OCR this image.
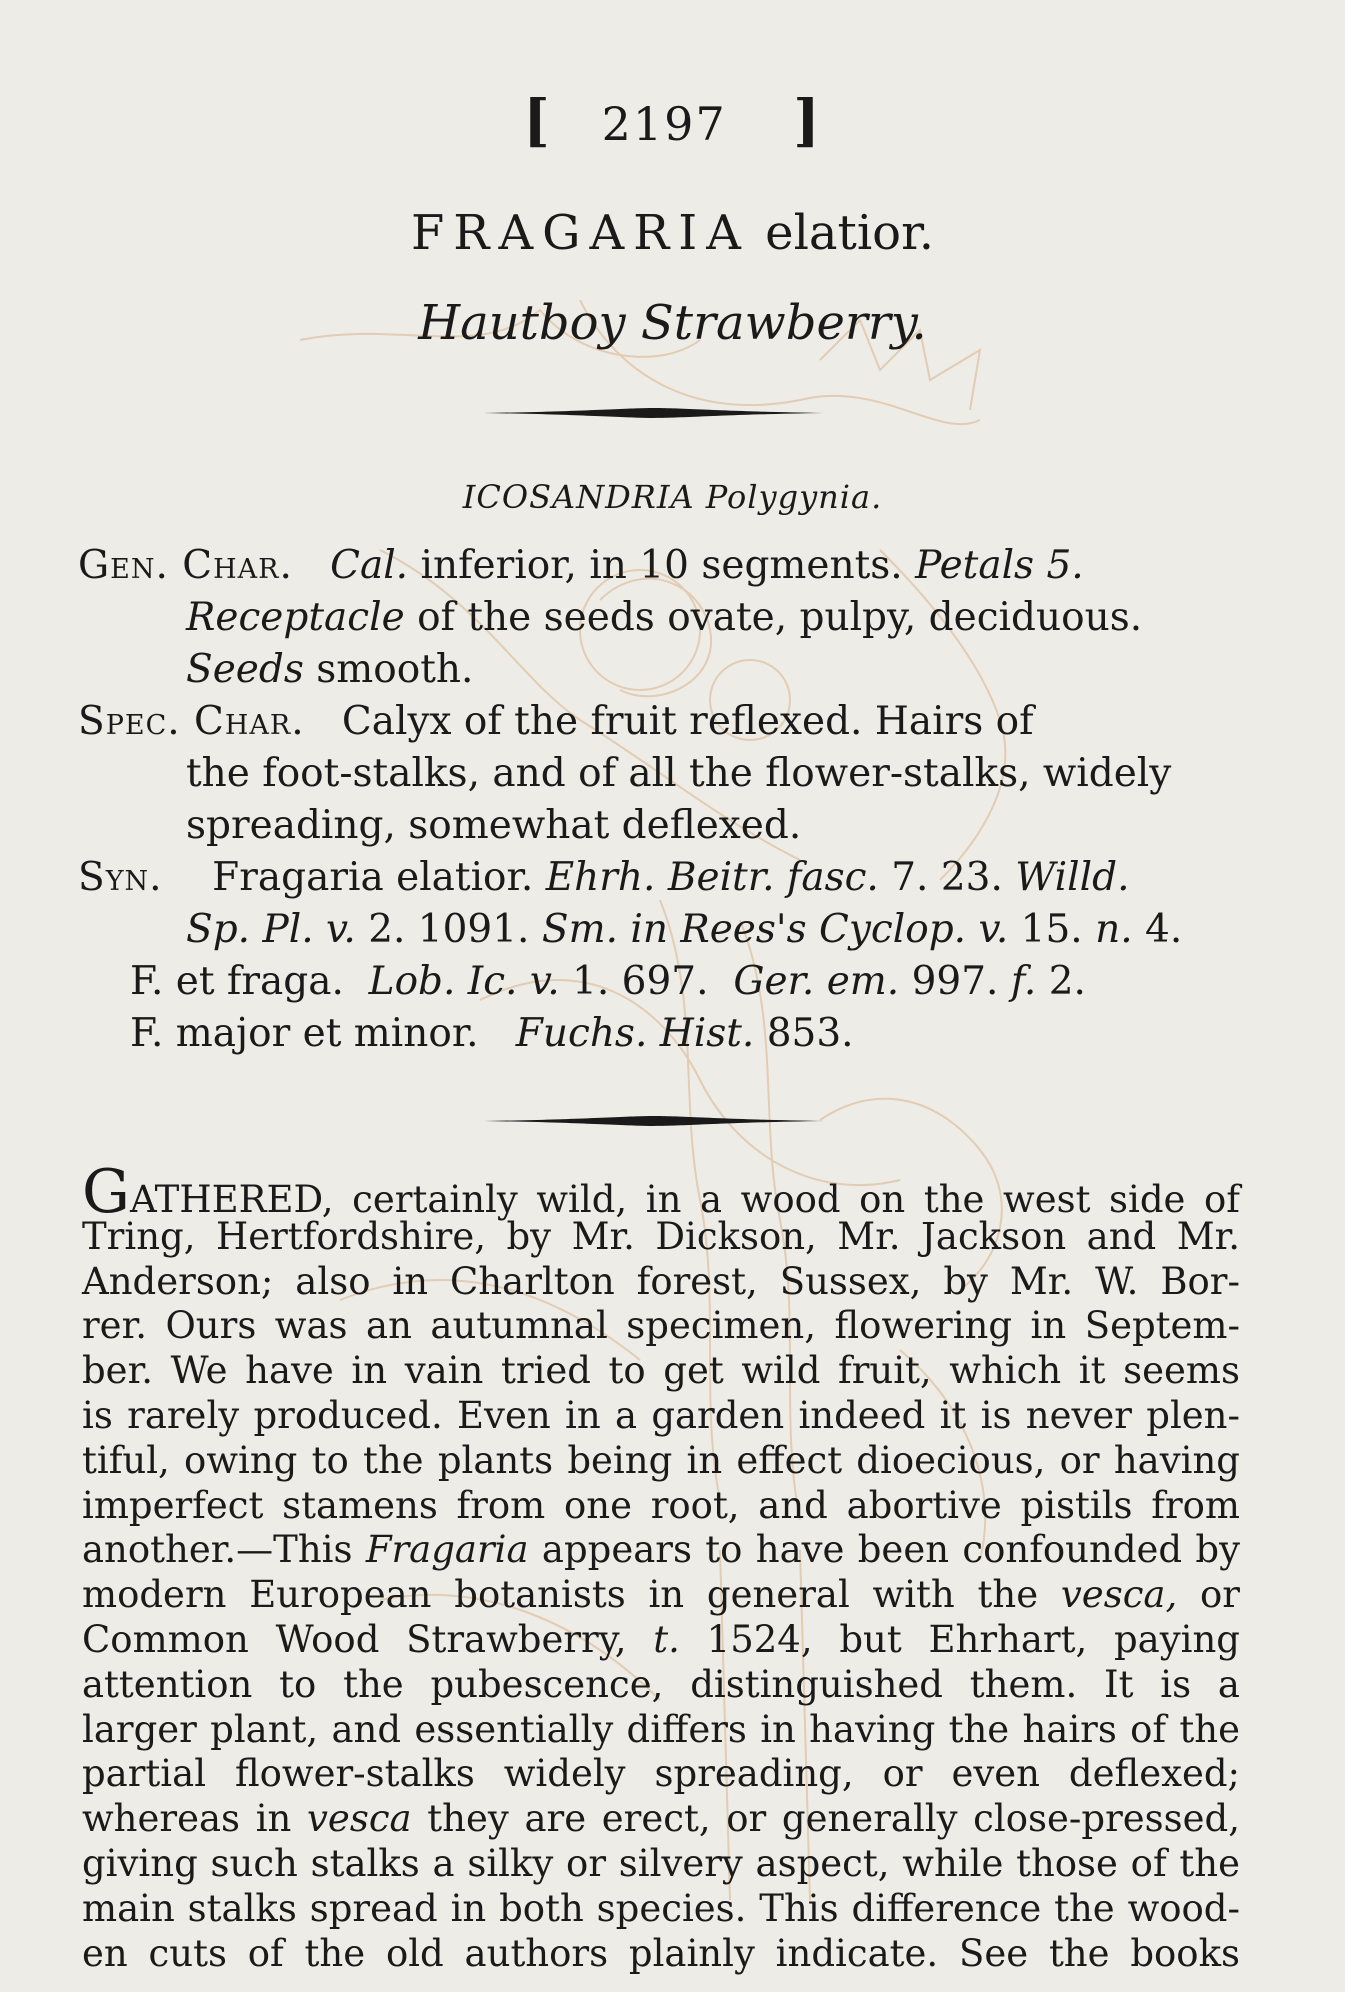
[ 2197 ]
FRAGARIA elatior.
Hautboy Strawberry.
ICOSANDRIA Polygynia.
Gen. Char. Cal. inferior, in 10 segments. Petals 5.
Receptacle of the seeds ovate, pulpy, deciduous.
Seeds smooth.
Spec. Char. Calyx of the fruit reflexed. Hairs of
the foot-stalks, and of all the flower-stalks, widely
spreading, somewhat deflexed.
Syn. Fragaria elatior. Ehrh. Beitr. fasc. 7. 23. Willd.
Sp. Pl. v. 2. 1091. Sm. in Rees's Cyclop. v. 15. n. 4.
F. et fraga. Lob. Ic. v. 1. 697. Ger. em. 997. f. 2.
F. major et minor. Fuchs. Hist. 853.
GATHERED, certainly wild, in a wood on the west side of
Tring, Hertfordshire, by Mr. Dickson, Mr. Jackson and Mr.
Anderson; also in Charlton forest, Sussex, by Mr. W. Bor-
rer. Ours was an autumnal specimen, flowering in Septem-
ber. We have in vain tried to get wild fruit, which it seems
is rarely produced. Even in a garden indeed it is never plen-
tiful, owing to the plants being in effect dioecious, or having
imperfect stamens from one root, and abortive pistils from
another.—This Fragaria appears to have been confounded by
modern European botanists in general with the vesca, or
Common Wood Strawberry, t. 1524, but Ehrhart, paying
attention to the pubescence, distinguished them. It is a
larger plant, and essentially differs in having the hairs of the
partial flower-stalks widely spreading, or even deflexed;
whereas in vesca they are erect, or generally close-pressed,
giving such stalks a silky or silvery aspect, while those of the
main stalks spread in both species. This difference the wood-
en cuts of the old authors plainly indicate. See the books
